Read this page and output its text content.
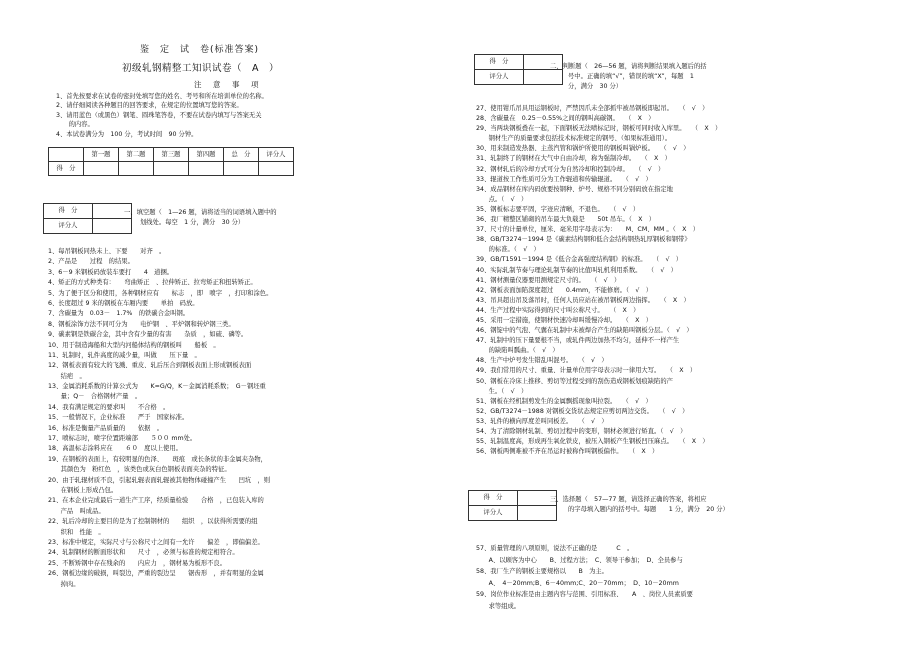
鉴　定　试　卷(标准答案)
初级轧钢精整工知识试卷（　A　）
注　意　事　项
1、首先按要求在试卷的密封处填写您的姓名、考号和所在培训单位的名称。
2、请仔细阅读各种题目的回答要求，在规定的位置填写您的答案。
3、请用蓝色（或黑色）钢笔、圆珠笔答卷，不要在试卷内填写与答案无关
　　的内容。
4、本试卷满分为　100 分，考试时间　90 分钟。
	第一题	第二题	第三题	第四题	总　分	评分人
得　分						
得　分	
评分人	
一、填空题（　1—26 题，请将适当的词语填入题中的
划线处。每空　1 分，满分　30 分）
1、每吊钢板同热未上、下要　　对齐　。
2、产品是　　过程　的结果。
3、6－9 米钢板码放装车要打　　4　道捆。
4、矫正的方式种类有：　　弯曲矫正　、拉伸矫正、拉弯矫正和扭转矫正。
5、为了便于区分和使用，各种钢材应有　　标志　，即　喷字　，打印和涂色。
6、长度超过 9 米的钢板在车厢内要　　单拍　码放。
7、含碳量为　0.03－　1.7%　的铁碳合金叫钢。
8、钢板涂饰方法不同可分为　　电炉钢　、平炉钢和转炉钢三类。
9、碳素钢是铁碳合金，其中含有少量的有害　　杂质　，如硫、磷等。
10、用于制造海船和大型内河船体结构的钢板叫　　船板　。
11、轧制时，轧件高度的减少量，叫做　　压下量　。
12、钢板表面有较大的飞溅、重皮、轧后压合到钢板表面上形成钢板表面
　　结疤　。
13、金属消耗系数的计算公式为　　K=G/Q，K－金属消耗系数；　G－钢坯重
　　量；Q－　合格钢材产量　。
14、我有满足规定的要求叫　　不合格　。
15、一般情况下，企业标准　　严于　国家标准。
16、标准是衡量产品质量的　　依据　。
17、喷标志时，喷字位置距端部　　５００ mm处。
18、高温标志涂料应在　　６０　度以上使用。
19、在钢板的表面上，有较明显的色泽、　　斑痕　或长条状的非金属夹杂物，
　　其颜色为　粉红色　，该类色或灰白色钢板表面夹杂的特征。
20、由于轧辊材质不良，引起轧辊表面轧辊被其他物体碰撞产生　　凹坑　，则
　　在钢板上形成凸包。
21、在本企业完成最后一道生产工序，经质量检验　　合格　，已包装入库的
　　产品　叫成品。
22、轧后冷却的主要目的是为了控制钢材的　　组织　，以获得所需要的组
　　织和　性能　。
23、标准中规定，实际尺寸与公称尺寸之间有一允许　　偏差　，即偏偏差。
24、轧制钢材的断面形状和　　尺寸　，必须与标准的规定相符合。
25、不断矫钢中存在残余的　　内应力　，钢材易为板形不良。
26、钢板边缘的破损，叫裂边，严重的裂边呈　　锯齿形　，并有明显的金属
　　掉肉。
得　分	
评分人	
二、判断题（　26—56 题，请将判断结果填入题后的括
号中。正确的填“√”，错误的填“X”，每题　1
分，满分　30 分）
27、使用钳爪吊具用运钢板时，严禁因爪未全部抓牢被吊钢板即起吊。　　（　√　）
28、含碳量在　0.25－0.55%之间的钢叫高碳钢。　　（　X　）
29、当两块钢板叠在一起，下面钢板无法喷标记时，钢板可同时收入库里。　　（　X　）
　　钢材生产的质量要求包括技术标准规定的钢号、（如果标准通用）。
30、用来制造发热器、主蒸汽管和锅炉所使用的钢板叫锅炉板。　　（　√　）
31、轧制终了的钢材在大气中自由冷却，称为强制冷却。　　（　X　）
32、钢材轧后的冷却方式可分为自然冷却和控制冷却。　　（　√　）
33、辊道按工作性质可分为工作辊道和传输辊道。　　（　√　）
34、成品钢材在库内码放要按钢种、炉号、规格不同分别码放在指定地
　　点。（　√　）
35、钢板标志要平固，字迹应清晰，不退色。　　（　√　）
36、我厂精整区铺砌的吊车最大负载是　　50t 吊车。（　X　）
37、尺寸的计量单位，厘米、毫米用字母表示为：　　M、CM、MM 。（　X　）
38、GB/T3274－1994 是《碳素结构钢和低合金结构钢热轧厚钢板和钢带》
　　的标准。（　√　）
39、GB/T1591－1994 是《低合金高强度结构钢》的标准。　　（　√　）
40、实际轧制节奏与理论轧制节奏的比值叫轧机利用系数。　　（　√　）
41、钢材测量仪器要用测规定尺寸的。　　（　√　）
42、钢板表面加陷深度超过　　0.4mm，不能修磨。（　√　）
43、吊具超出吊及落吊时，任何人员应站在被吊钢板两边指挥。　　（　X　）
44、生产过程中实际得到的尺寸叫公称尺寸。　　（　X　）
45、采用一定措施，使钢材快速冷却叫缓慢冷却。　　（　X　）
46、钢锭中的气泡、气囊在轧制中未被焊合产生的缺陷叫钢板分层。（　√　）
47、轧制中的压下量要根不当，或轧件两边加热不均匀，延伸不一样产生
　　的缺陷叫瓢曲。（　√　）
48、生产中炉号发生错乱叫混号。　　（　√　）
49、我们常用的尺寸、重量、计量单位用字母表示时一律用大写。　　（　X　）
50、钢板在冷床上推移、剪切等过程受到的刮伤造成钢板划痕缺陷的产
　　生。（　√　）
51、钢板在经机制剪发生的金属飘摇现象叫拉裂。　　（　√　）
52、GB/T3274－1988 对钢板交货状态规定应剪切两边交货。　　（　√　）
53、轧件的横向厚度差叫同板差。　　（　√　）
54、为了清除钢材轧制、剪切过程中的变形，钢材必须进行矫直。（　√　）
55、轧制温度高，形成再生氧化铁皮，被压入钢板产生钢板凹压麻点。　　（　X　）
56、钢板两侧难被不齐在吊运时被称作叫钢板偏作。　　（　X　）
得　分	
评分人	
三、选择题（　57—77 题，请选择正确的答案，将相应
的字母填入题内的括号中。每题　　1 分，满分　20 分）
57、质量管理的八项原则，说法不正确的是　　　C　。
　　A、以顾客为中心　　B、过程方法；　C、领导干参加；　D、全员参与
58、我厂生产的钢板主要规格以　　B　为主。
　　A、　4－20mm;B、6－40mm;C、20－70mm；　D、10－20mm
59、岗位作业标准是由主题内容与范围、引用标准、　　A　、岗位人员素质要
　　求等组成。
